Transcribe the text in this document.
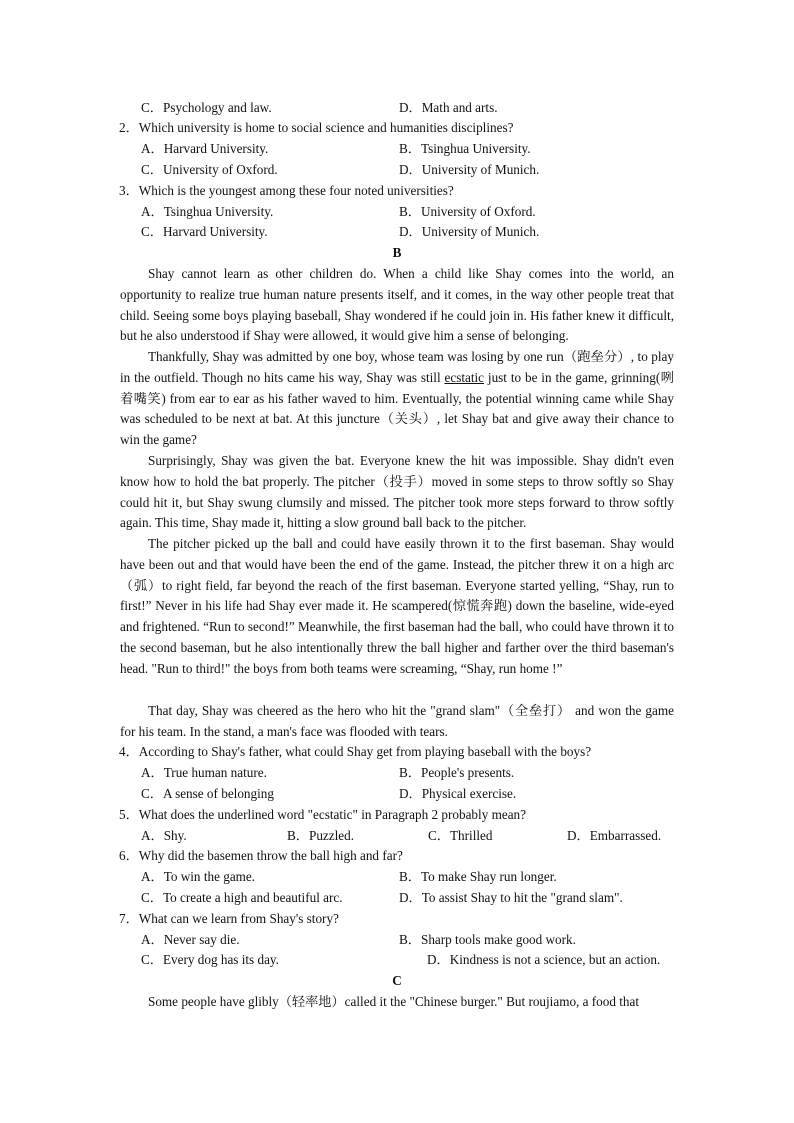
C．Psychology and law.	D．Math and arts.
2．Which university is home to social science and humanities disciplines?
A．Harvard University.	B．Tsinghua University.
C．University of Oxford.	D．University of Munich.
3．Which is the youngest among these four noted universities?
A．Tsinghua University.	B．University of Oxford.
C．Harvard University.	D．University of Munich.
B
Shay cannot learn as other children do. When a child like Shay comes into the world, an opportunity to realize true human nature presents itself, and it comes, in the way other people treat that child. Seeing some boys playing baseball, Shay wondered if he could join in. His father knew it difficult, but he also understood if Shay were allowed, it would give him a sense of belonging.
Thankfully, Shay was admitted by one boy, whose team was losing by one run（跑垒分）, to play in the outfield. Though no hits came his way, Shay was still ecstatic just to be in the game, grinning(咧着嘴笑) from ear to ear as his father waved to him. Eventually, the potential winning came while Shay was scheduled to be next at bat. At this juncture（关头）, let Shay bat and give away their chance to win the game?
Surprisingly, Shay was given the bat. Everyone knew the hit was impossible. Shay didn't even know how to hold the bat properly. The pitcher（投手）moved in some steps to throw softly so Shay could hit it, but Shay swung clumsily and missed. The pitcher took more steps forward to throw softly again. This time, Shay made it, hitting a slow ground ball back to the pitcher.
The pitcher picked up the ball and could have easily thrown it to the first baseman. Shay would have been out and that would have been the end of the game. Instead, the pitcher threw it on a high arc（弧）to right field, far beyond the reach of the first baseman. Everyone started yelling, “Shay, run to first!” Never in his life had Shay ever made it. He scampered(惊慌奔跑) down the baseline, wide-eyed and frightened. “Run to second!” Meanwhile, the first baseman had the ball, who could have thrown it to the second baseman, but he also intentionally threw the ball higher and farther over the third baseman's head. "Run to third!" the boys from both teams were screaming, “Shay, run home !”
That day, Shay was cheered as the hero who hit the "grand slam"（全垒打） and won the game for his team. In the stand, a man's face was flooded with tears.
4．According to Shay's father, what could Shay get from playing baseball with the boys?
A．True human nature.	B．People's presents.
C．A sense of belonging	D．Physical exercise.
5．What does the underlined word "ecstatic" in Paragraph 2 probably mean?
A．Shy.	B．Puzzled.	C．Thrilled	D．Embarrassed.
6．Why did the basemen throw the ball high and far?
A．To win the game.	B．To make Shay run longer.
C．To create a high and beautiful arc.	D．To assist Shay to hit the "grand slam".
7．What can we learn from Shay's story?
A．Never say die.	B．Sharp tools make good work.
C．Every dog has its day.	D．Kindness is not a science, but an action.
C
Some people have glibly（轻率地）called it the "Chinese burger." But roujiamo, a food that
